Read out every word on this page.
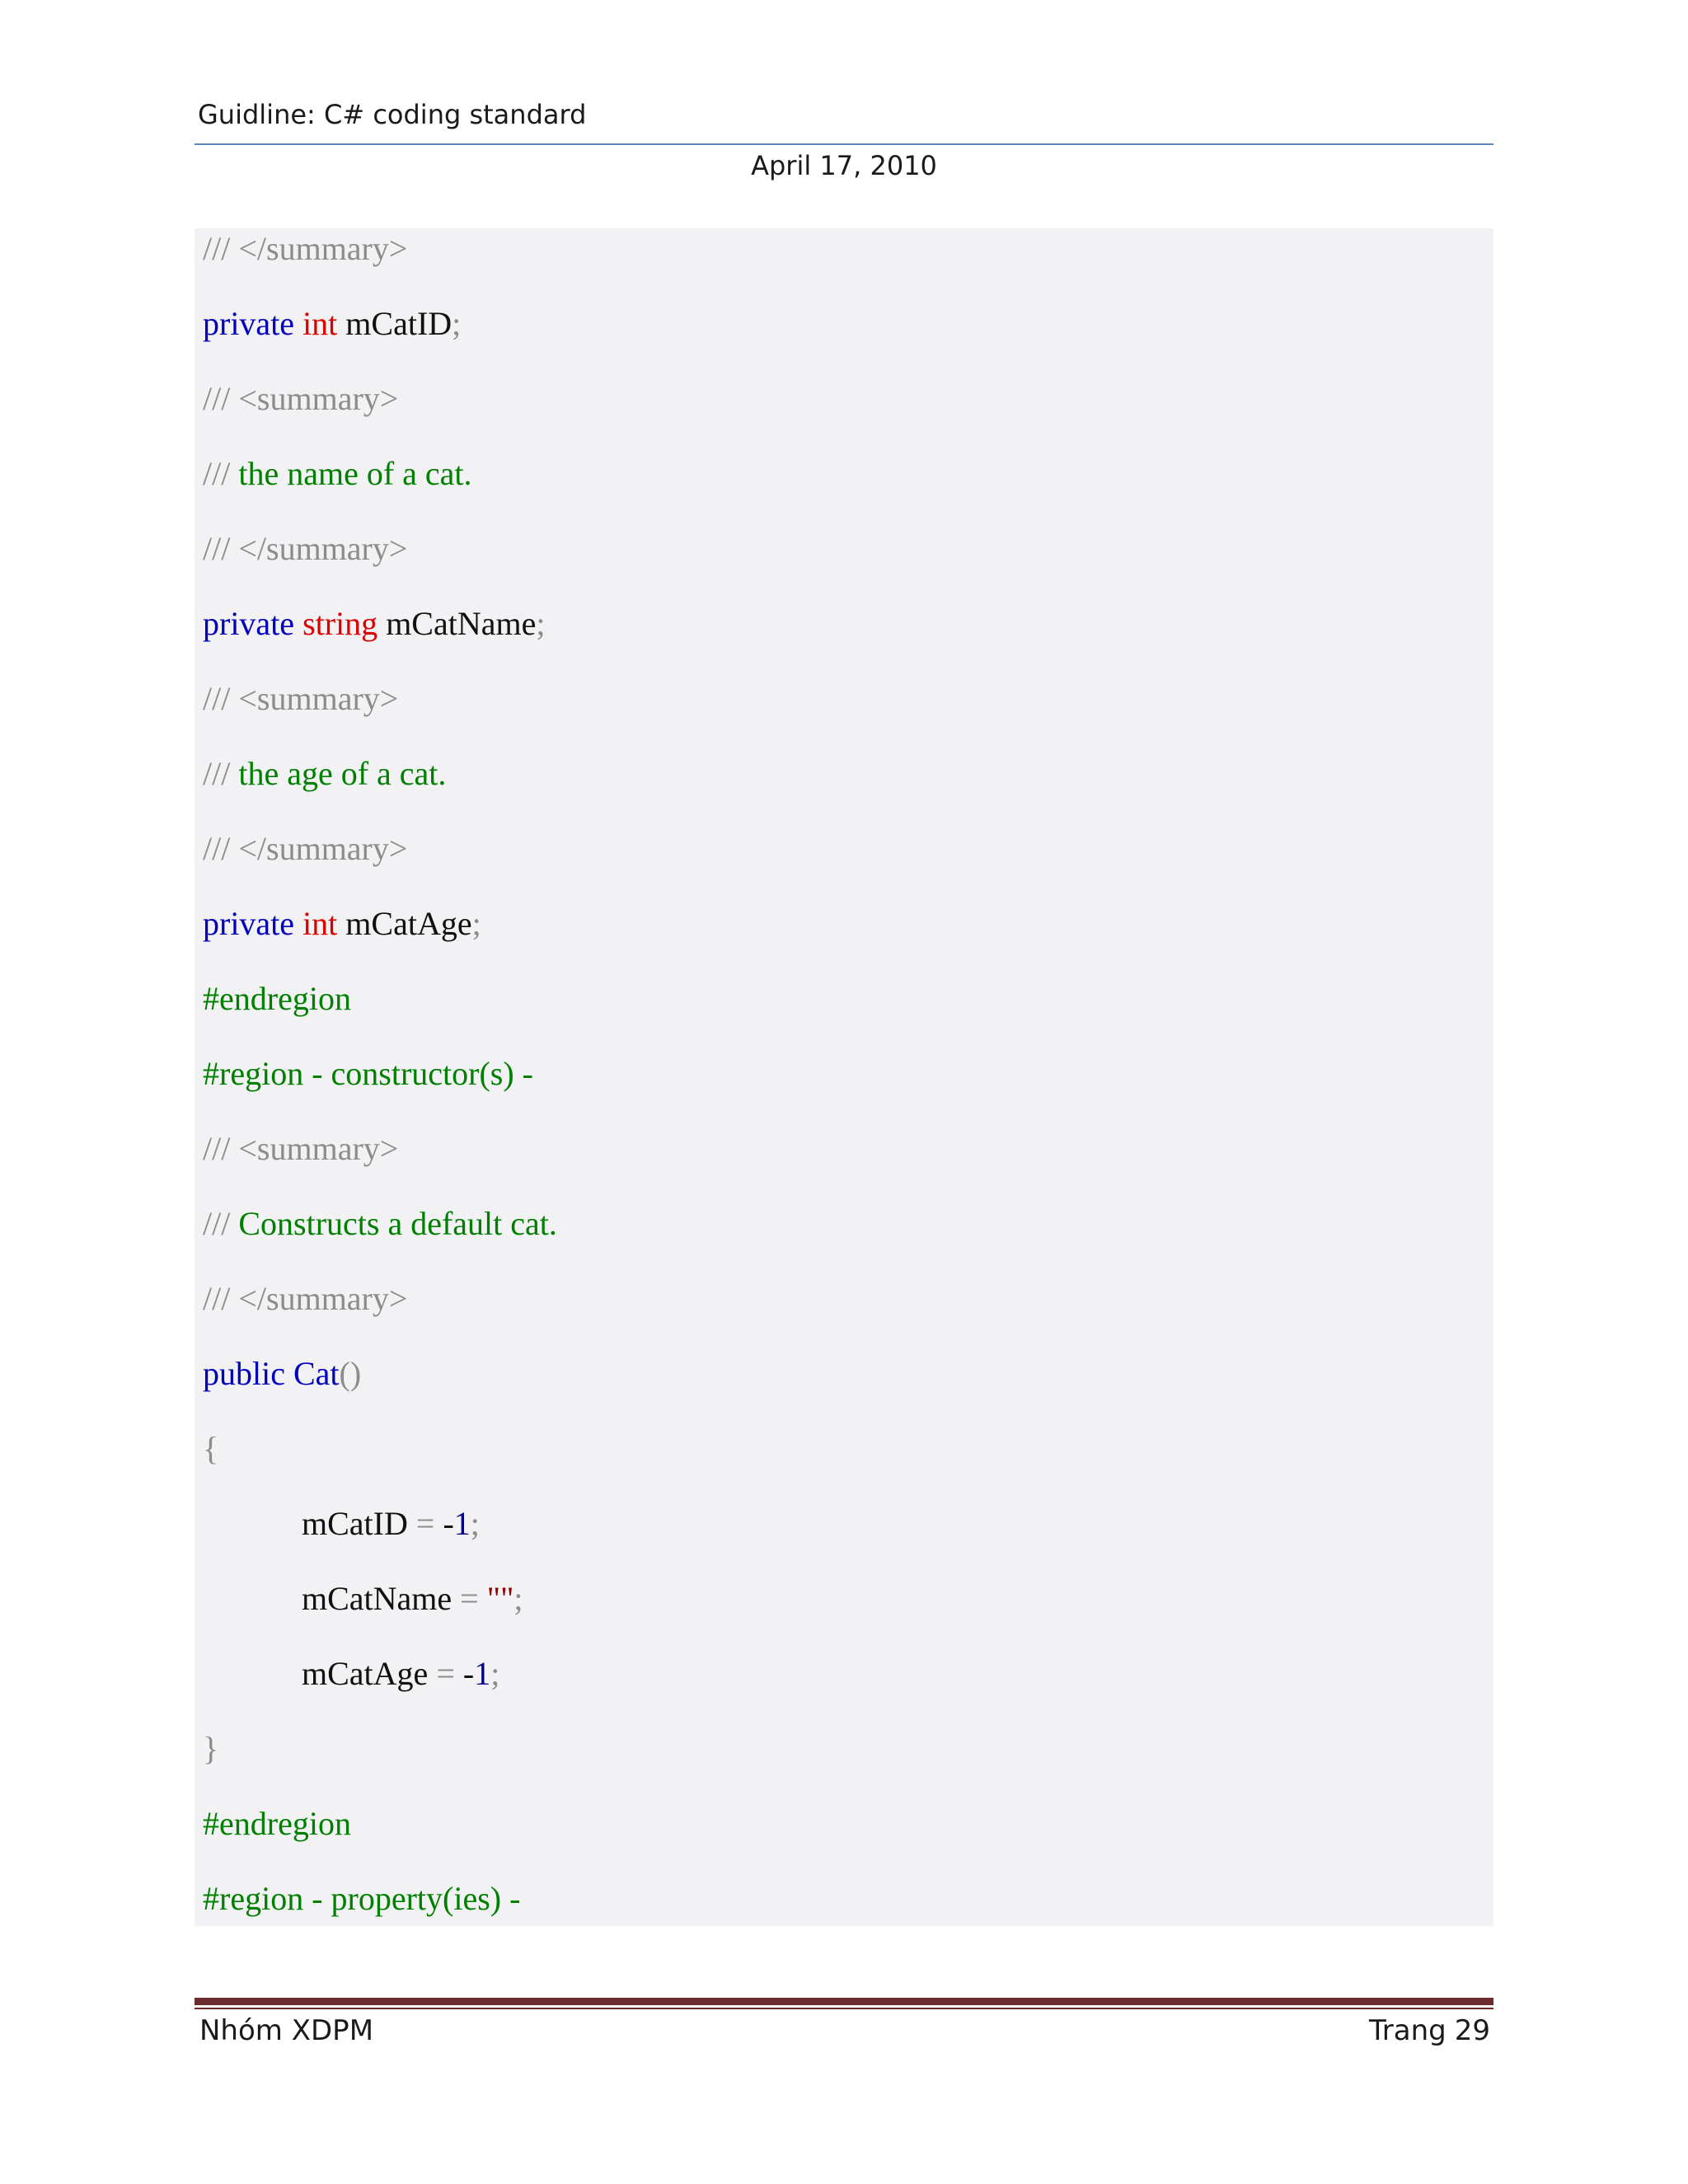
Guidline: C# coding standard
April 17, 2010
/// </summary>
private int mCatID;
/// <summary>
/// the name of a cat.
/// </summary>
private string mCatName;
/// <summary>
/// the age of a cat.
/// </summary>
private int mCatAge;
#endregion
#region - constructor(s) -
/// <summary>
/// Constructs a default cat.
/// </summary>
public Cat()
{
mCatID = -1;
mCatName = "";
mCatAge = -1;
}
#endregion
#region - property(ies) -
Nhóm XDPM	Trang 29
